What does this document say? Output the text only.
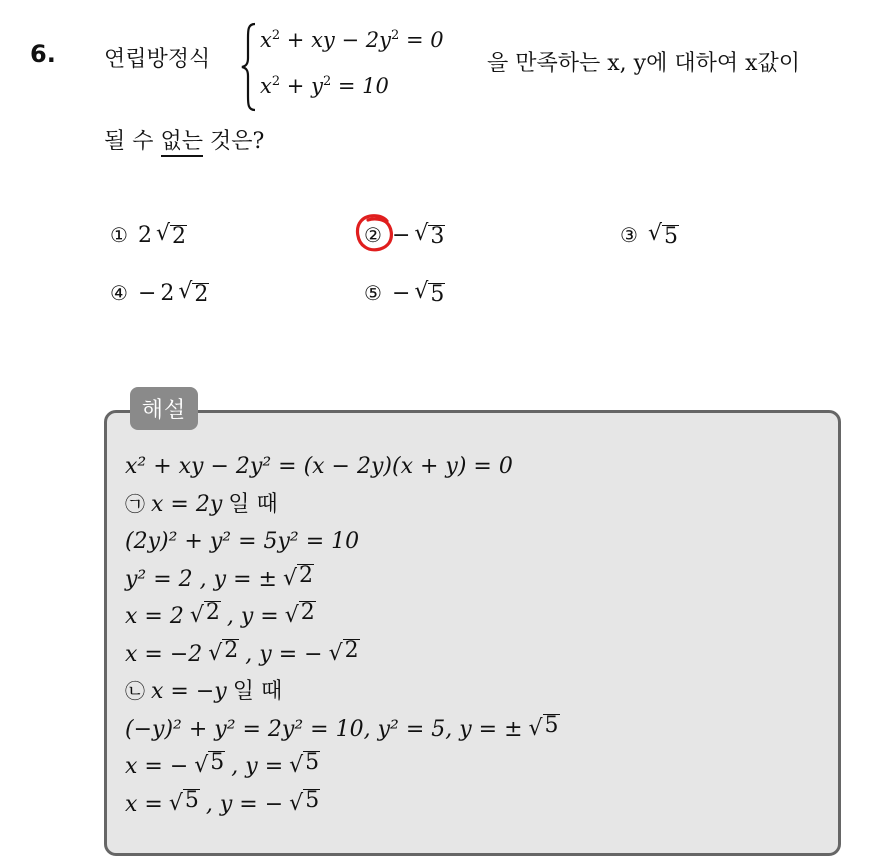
6. 연립방정식
$x^2$ + xy − $2y^2 = 0$
$x^2 + y^2 = 10$
을 만족하는 x, y에 대하여 x값이
될 수 없는 것은?
① 2 √ 2	② − √ 3	③ √ 5
④ − 2 √ 2	⑤ − √ 5
해설
x² + xy − 2y² = (x − 2y)(x + y) = 0
㉠ x = 2y 일 때
(2y)² + y² = 5y² = 10
y² = 2 , y = ± √ 2
x = 2 √ 2 , y = √ 2
x = −2 √ 2 , y = − √ 2
㉡ x = −y 일 때
(−y)² + y² = 2y² = 10, y² = 5, y = ± √ 5
x = − √ 5 , y = √ 5
x = √ 5 , y = − √ 5
